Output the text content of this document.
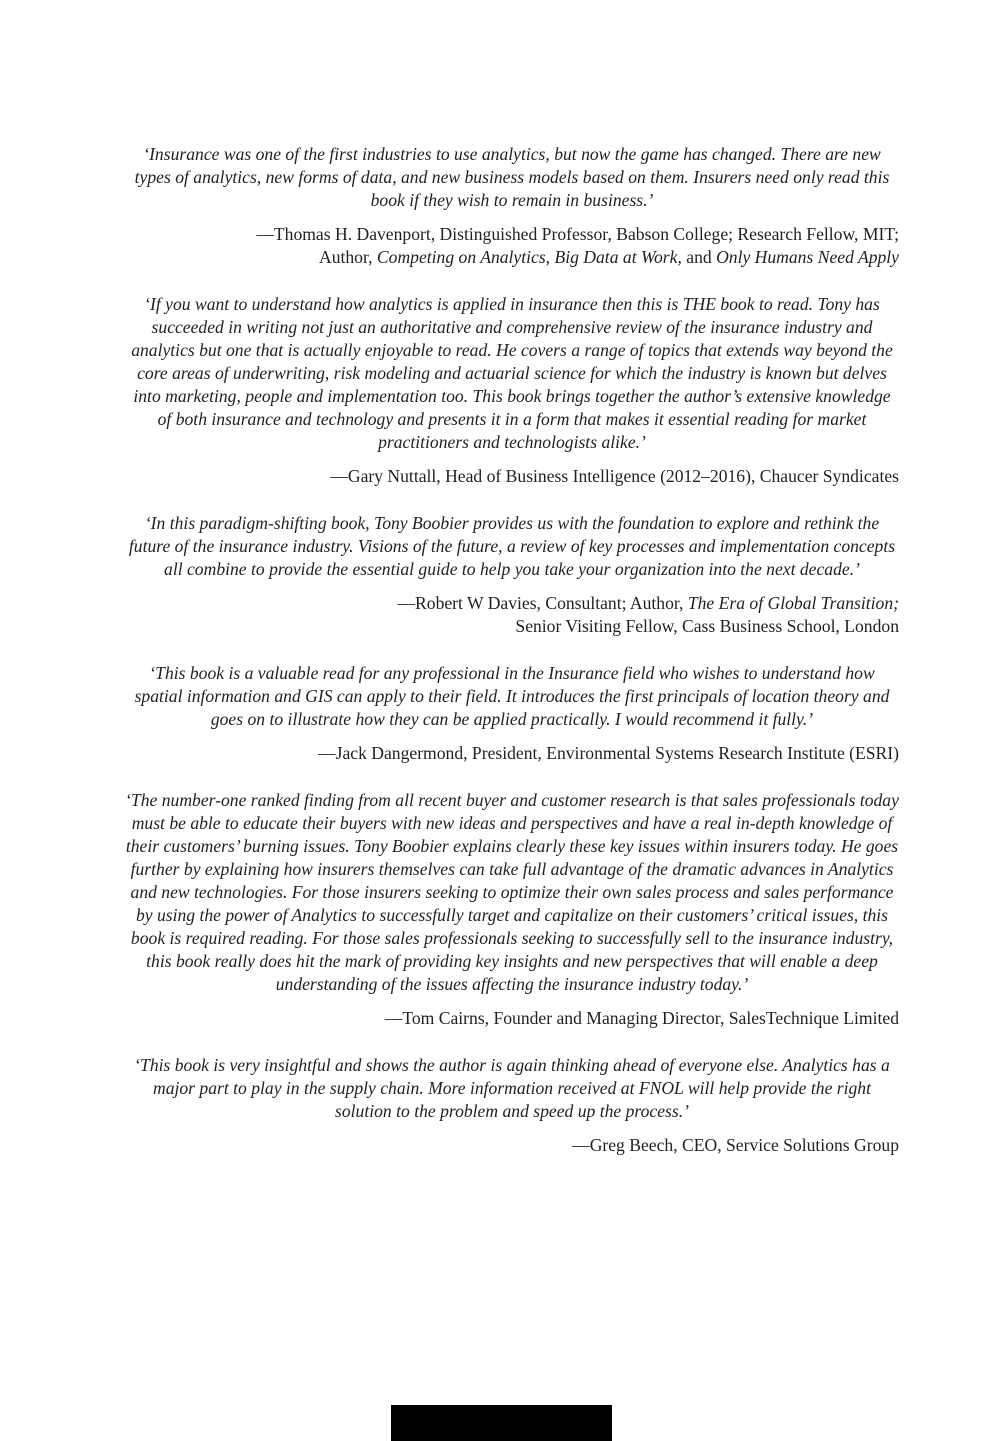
‘Insurance was one of the first industries to use analytics, but now the game has changed. There are new types of analytics, new forms of data, and new business models based on them. Insurers need only read this book if they wish to remain in business.’

—Thomas H. Davenport, Distinguished Professor, Babson College; Research Fellow, MIT;
Author, Competing on Analytics, Big Data at Work, and Only Humans Need Apply

‘If you want to understand how analytics is applied in insurance then this is THE book to read. Tony has succeeded in writing not just an authoritative and comprehensive review of the insurance industry and analytics but one that is actually enjoyable to read. He covers a range of topics that extends way beyond the core areas of underwriting, risk modeling and actuarial science for which the industry is known but delves into marketing, people and implementation too. This book brings together the author’s extensive knowledge of both insurance and technology and presents it in a form that makes it essential reading for market practitioners and technologists alike.’

—Gary Nuttall, Head of Business Intelligence (2012–2016), Chaucer Syndicates

‘In this paradigm-shifting book, Tony Boobier provides us with the foundation to explore and rethink the future of the insurance industry. Visions of the future, a review of key processes and implementation concepts all combine to provide the essential guide to help you take your organization into the next decade.’

—Robert W Davies, Consultant; Author, The Era of Global Transition;
Senior Visiting Fellow, Cass Business School, London

‘This book is a valuable read for any professional in the Insurance field who wishes to understand how spatial information and GIS can apply to their field. It introduces the first principals of location theory and goes on to illustrate how they can be applied practically. I would recommend it fully.’

—Jack Dangermond, President, Environmental Systems Research Institute (ESRI)

‘The number-one ranked finding from all recent buyer and customer research is that sales professionals today must be able to educate their buyers with new ideas and perspectives and have a real in-depth knowledge of their customers’ burning issues. Tony Boobier explains clearly these key issues within insurers today. He goes further by explaining how insurers themselves can take full advantage of the dramatic advances in Analytics and new technologies. For those insurers seeking to optimize their own sales process and sales performance by using the power of Analytics to successfully target and capitalize on their customers’ critical issues, this book is required reading. For those sales professionals seeking to successfully sell to the insurance industry, this book really does hit the mark of providing key insights and new perspectives that will enable a deep understanding of the issues affecting the insurance industry today.’

—Tom Cairns, Founder and Managing Director, SalesTechnique Limited

‘This book is very insightful and shows the author is again thinking ahead of everyone else. Analytics has a major part to play in the supply chain. More information received at FNOL will help provide the right solution to the problem and speed up the process.’

—Greg Beech, CEO, Service Solutions Group
